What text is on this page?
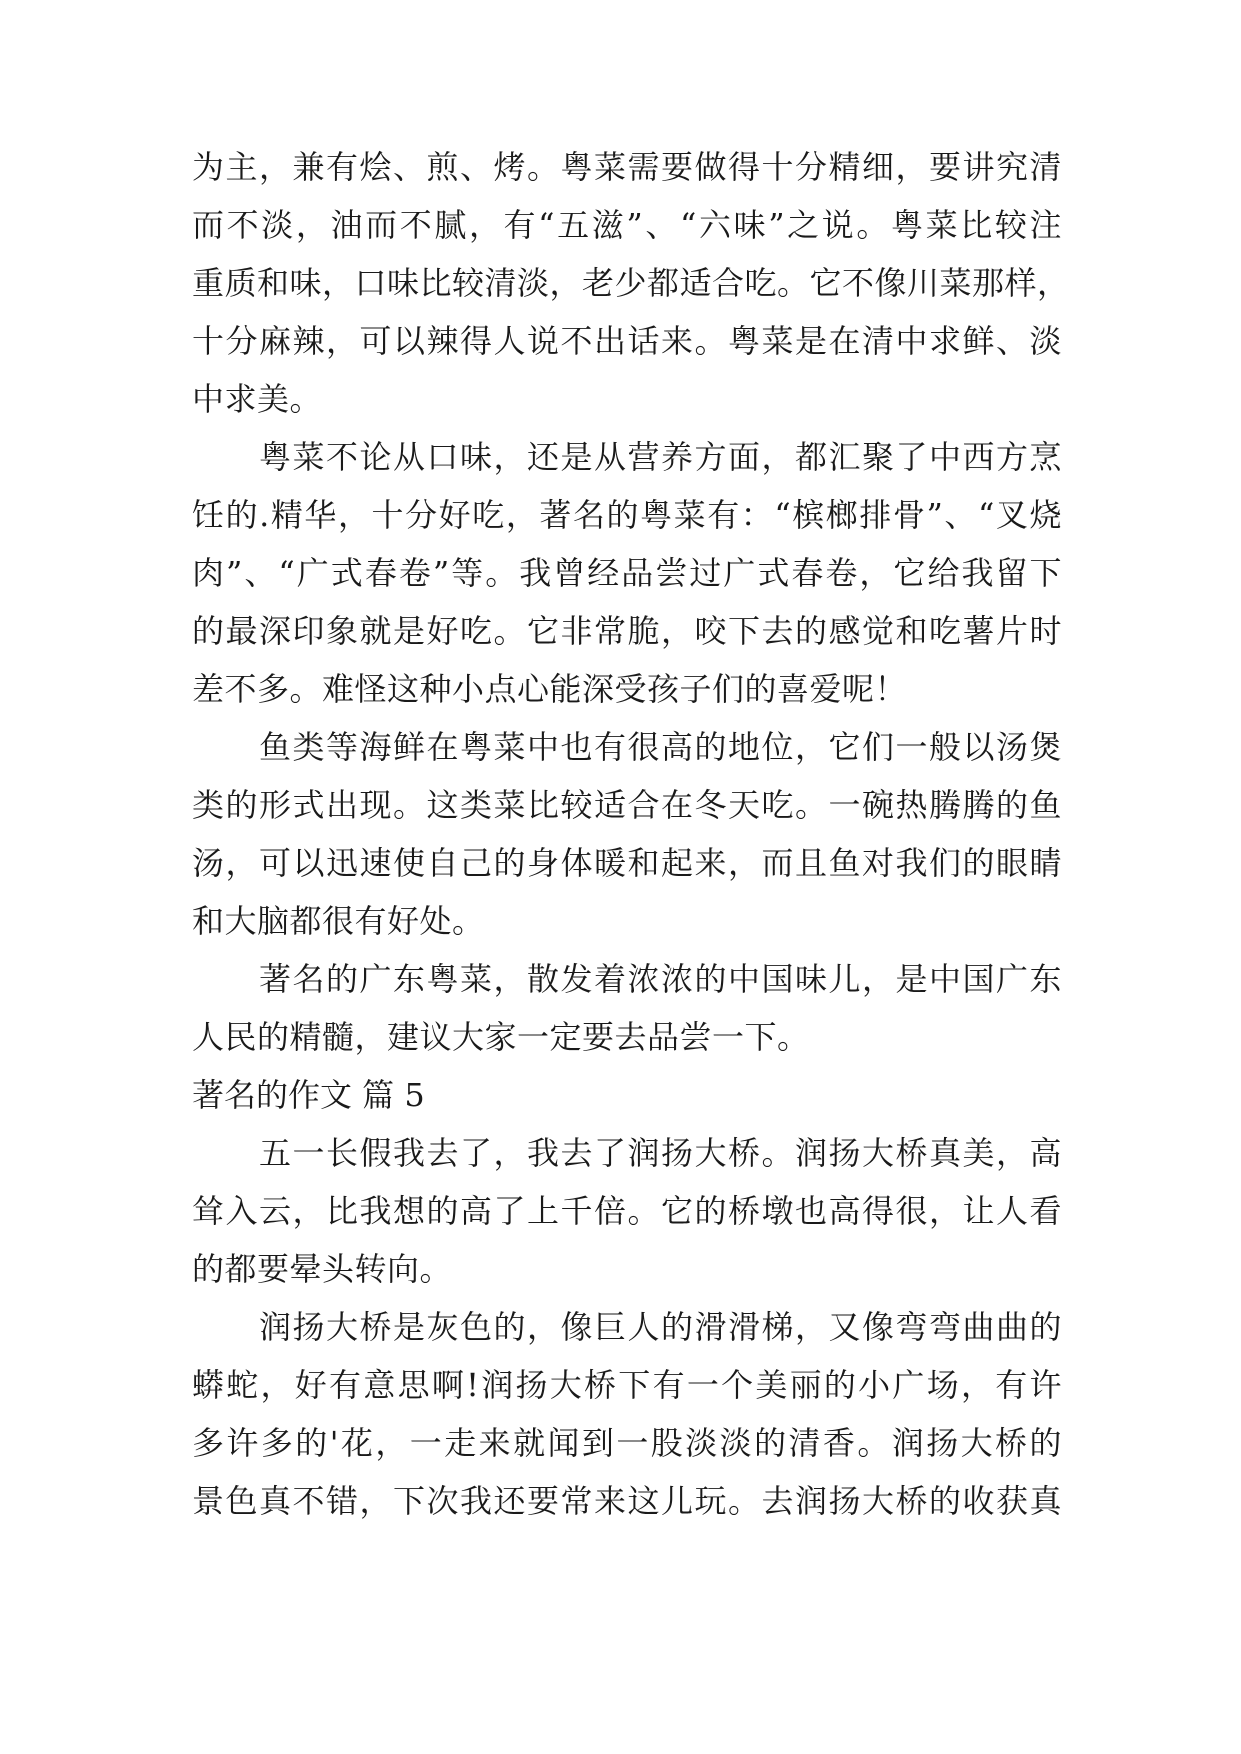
为主，兼有烩、煎、烤。粤菜需要做得十分精细，要讲究清
而不淡，油而不腻，有“五滋”、“六味”之说。粤菜比较注
重质和味，口味比较清淡，老少都适合吃。它不像川菜那样，
十分麻辣，可以辣得人说不出话来。粤菜是在清中求鲜、淡
中求美。
　　粤菜不论从口味，还是从营养方面，都汇聚了中西方烹
饪的.精华，十分好吃，著名的粤菜有：“槟榔排骨”、“叉烧
肉”、“广式春卷”等。我曾经品尝过广式春卷，它给我留下
的最深印象就是好吃。它非常脆，咬下去的感觉和吃薯片时
差不多。难怪这种小点心能深受孩子们的喜爱呢！
　　鱼类等海鲜在粤菜中也有很高的地位，它们一般以汤煲
类的形式出现。这类菜比较适合在冬天吃。一碗热腾腾的鱼
汤，可以迅速使自己的身体暖和起来，而且鱼对我们的眼睛
和大脑都很有好处。
　　著名的广东粤菜，散发着浓浓的中国味儿，是中国广东
人民的精髓，建议大家一定要去品尝一下。
著名的作文 篇 5
　　五一长假我去了，我去了润扬大桥。润扬大桥真美，高
耸入云，比我想的高了上千倍。它的桥墩也高得很，让人看
的都要晕头转向。
　　润扬大桥是灰色的，像巨人的滑滑梯，又像弯弯曲曲的
蟒蛇，好有意思啊!润扬大桥下有一个美丽的小广场，有许
多许多的'花，一走来就闻到一股淡淡的清香。润扬大桥的
景色真不错，下次我还要常来这儿玩。去润扬大桥的收获真
